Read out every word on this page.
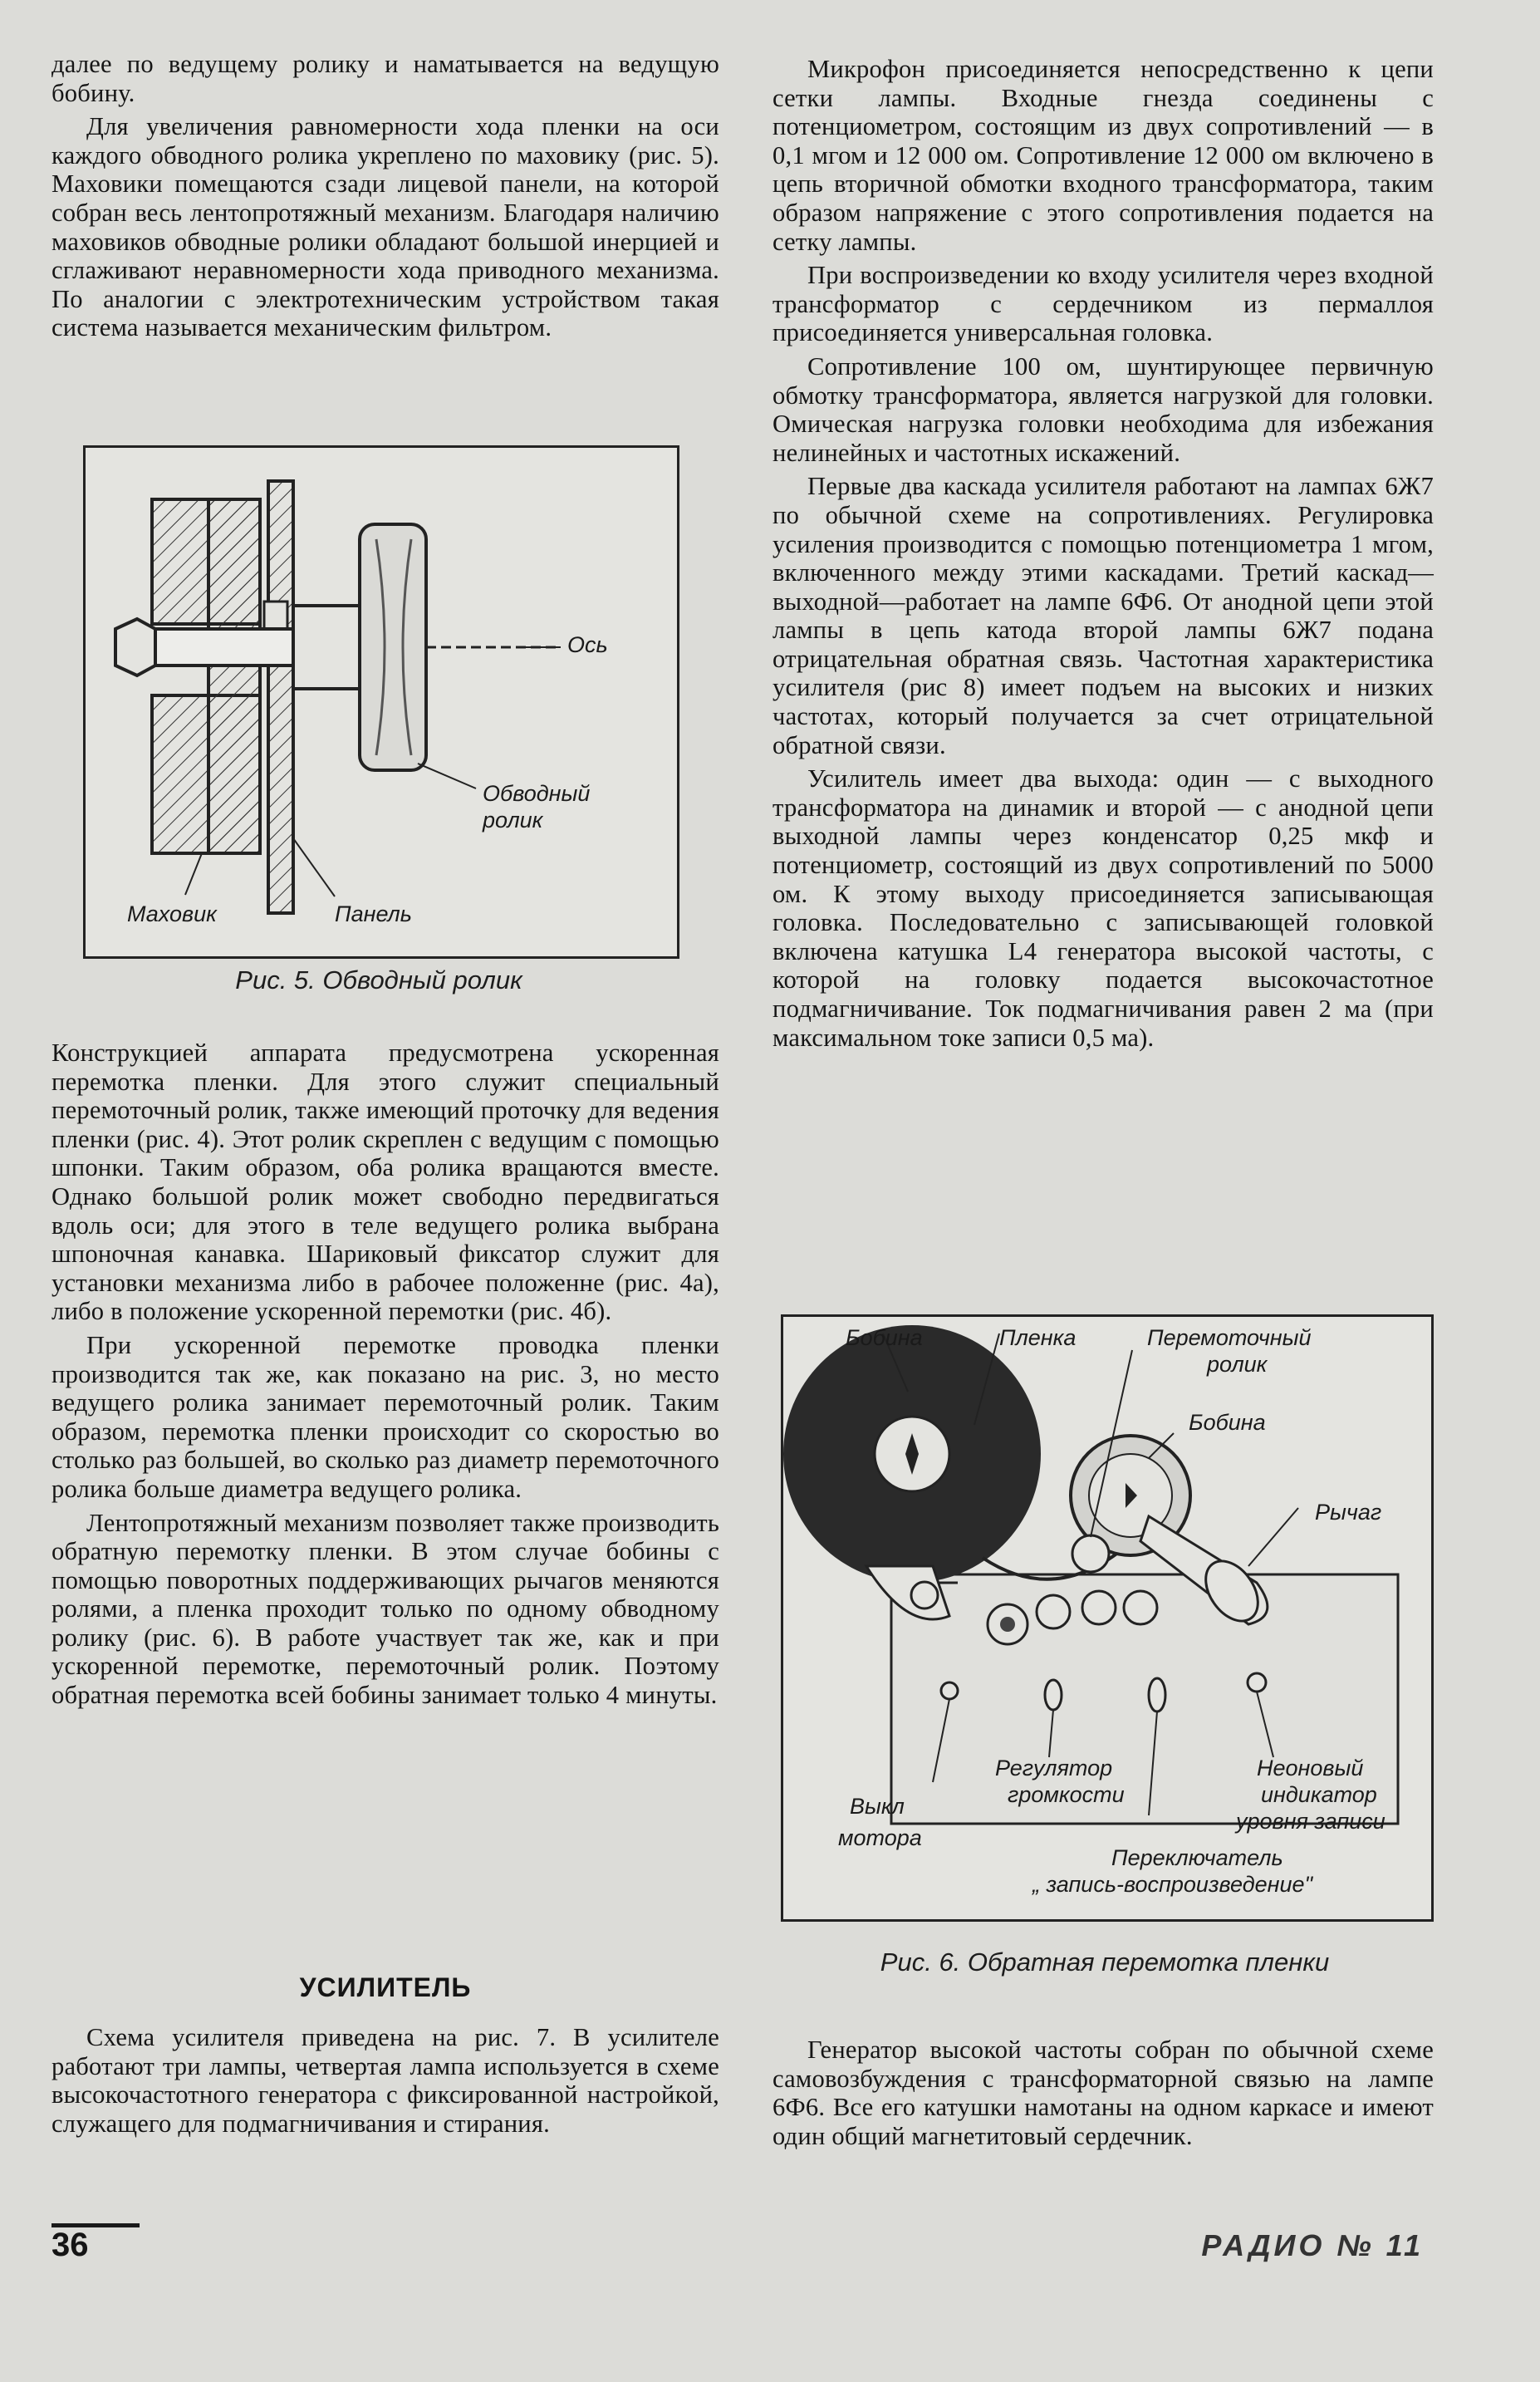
далее по ведущему ролику и наматывается на ведущую бобину.

Для увеличения равномерности хода пленки на оси каждого обводного ролика укреплено по маховику (рис. 5). Маховики помещаются сзади лицевой панели, на которой собран весь лентопротяжный механизм. Благодаря наличию маховиков обводные ролики обладают большой инерцией и сглаживают неравномерности хода приводного механизма. По аналогии с электротехническим устройством такая система называется механическим фильтром.

Ось
Обводный ролик
Маховик	Панель
Рис. 5. Обводный ролик

Конструкцией аппарата предусмотрена ускоренная перемотка пленки. Для этого служит специальный перемоточный ролик, также имеющий проточку для ведения пленки (рис. 4). Этот ролик скреплен с ведущим с помощью шпонки. Таким образом, оба ролика вращаются вместе. Однако большой ролик может свободно передвигаться вдоль оси; для этого в теле ведущего ролика выбрана шпоночная канавка. Шариковый фиксатор служит для установки механизма либо в рабочее положенне (рис. 4а), либо в положение ускоренной перемотки (рис. 4б).

При ускоренной перемотке проводка пленки производится так же, как показано на рис. 3, но место ведущего ролика занимает перемоточный ролик. Таким образом, перемотка пленки происходит со скоростью во столько раз большей, во сколько раз диаметр перемоточного ролика больше диаметра ведущего ролика.

Лентопротяжный механизм позволяет также производить обратную перемотку пленки. В этом случае бобины с помощью поворотных поддерживающих рычагов меняются ролями, а пленка проходит только по одному обводному ролику (рис. 6). В работе участвует так же, как и при ускоренной перемотке, перемоточный ролик. Поэтому обратная перемотка всей бобины занимает только 4 минуты.

УСИЛИТЕЛЬ

Схема усилителя приведена на рис. 7. В усилителе работают три лампы, четвертая лампа используется в схеме высокочастотного генератора с фиксированной настройкой, служащего для подмагничивания и стирания.

Микрофон присоединяется непосредственно к цепи сетки лампы. Входные гнезда соединены с потенциометром, состоящим из двух сопротивлений — в 0,1 мгом и 12 000 ом. Сопротивление 12 000 ом включено в цепь вторичной обмотки входного трансформатора, таким образом напряжение с этого сопротивления подается на сетку лампы.

При воспроизведении ко входу усилителя через входной трансформатор с сердечником из пермаллоя присоединяется универсальная головка.

Сопротивление 100 ом, шунтирующее первичную обмотку трансформатора, является нагрузкой для головки. Омическая нагрузка головки необходима для избежания нелинейных и частотных искажений.

Первые два каскада усилителя работают на лампах 6Ж7 по обычной схеме на сопротивлениях. Регулировка усиления производится с помощью потенциометра 1 мгом, включенного между этими каскадами. Третий каскад—выходной—работает на лампе 6Ф6. От анодной цепи этой лампы в цепь катода второй лампы 6Ж7 подана отрицательная обратная связь. Частотная характеристика усилителя (рис 8) имеет подъем на высоких и низких частотах, который получается за счет отрицательной обратной связи.

Усилитель имеет два выхода: один — с выходного трансформатора на динамик и второй — с анодной цепи выходной лампы через конденсатор 0,25 мкф и потенциометр, состоящий из двух сопротивлений по 5000 ом. К этому выходу присоединяется записывающая головка. Последовательно с записывающей головкой включена катушка L4 генератора высокой частоты, с которой на головку подается высокочастотное подмагничивание. Ток подмагничивания равен 2 ма (при максимальном токе записи 0,5 ма).

Бобина	Пленка	Перемоточный
ролик
Бобина
Рычаг
Регулятор
громкости
Неоновый
индикатор
уровня записи
Выкл
мотора
Переключатель
„ запись-воспроизведение"
Рис. 6. Обратная перемотка пленки

Генератор высокой частоты собран по обычной схеме самовозбуждения с трансформаторной связью на лампе 6Ф6. Все его катушки намотаны на одном каркасе и имеют один общий магнетитовый сердечник.

36	РАДИО № 11
